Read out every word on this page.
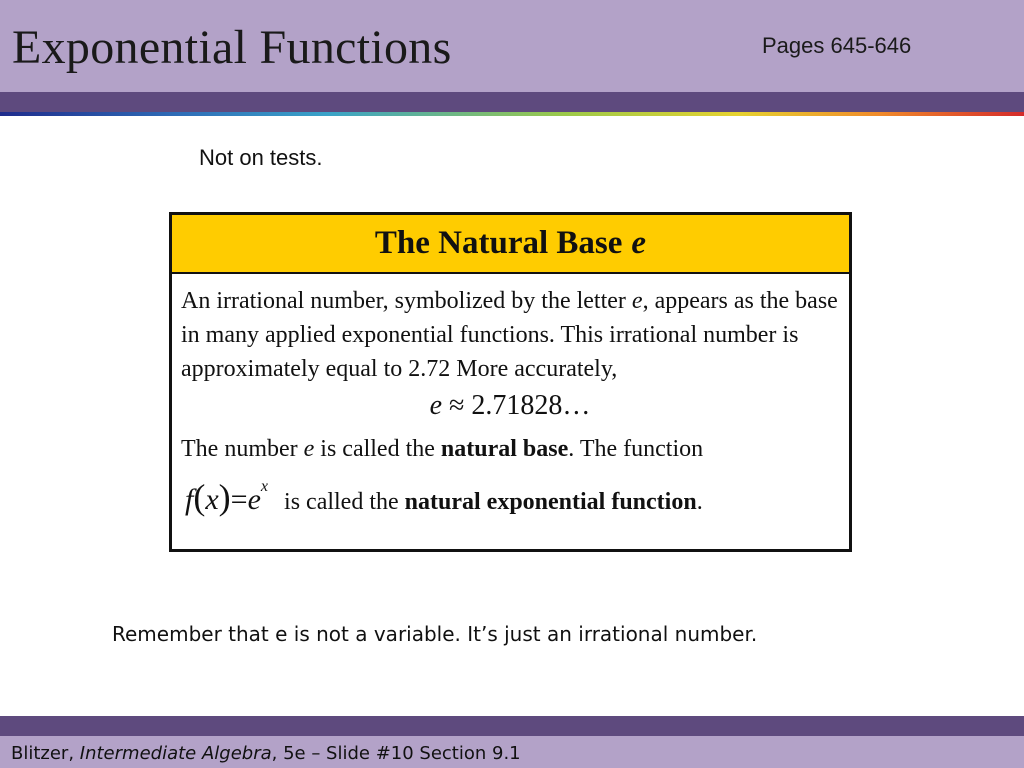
Exponential Functions	Pages 645-646
Not on tests.
The Natural Base e

An irrational number, symbolized by the letter e, appears as the base in many applied exponential functions. This irrational number is approximately equal to 2.72 More accurately,

e ≈ 2.71828…

The number e is called the natural base. The function

$f(x)=e^x$
is called the natural exponential function.
Remember that e is not a variable. It’s just an irrational number.
Blitzer, Intermediate Algebra, 5e – Slide #10 Section 9.1
